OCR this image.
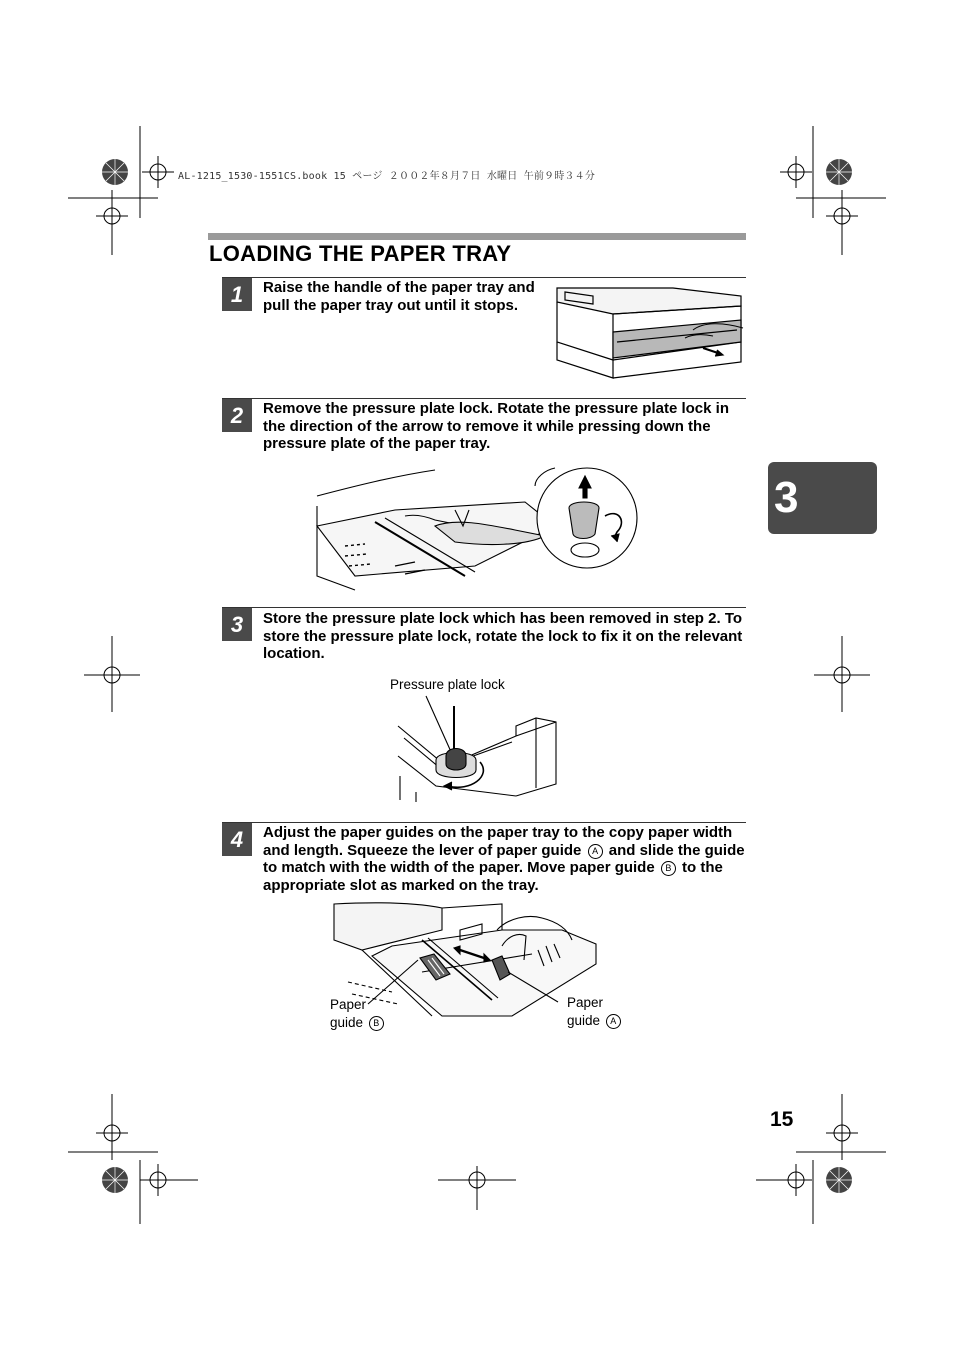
AL-1215_1530-1551CS.book 15 ページ ２００２年８月７日 水曜日 午前９時３４分
LOADING THE PAPER TRAY
3
1	Raise the handle of the paper tray and pull the paper tray out until it stops.
2	Remove the pressure plate lock. Rotate the pressure plate lock in the direction of the arrow to remove it while pressing down the pressure plate of the paper tray.
3	Store the pressure plate lock which has been removed in step 2. To store the pressure plate lock, rotate the lock to fix it on the relevant location.
Pressure plate lock
4	Adjust the paper guides on the paper tray to the copy paper width and length. Squeeze the lever of paper guide A and slide the guide to match with the width of the paper. Move paper guide B to the appropriate slot as marked on the tray.
Paper
guide B
Paper
guide A
15
